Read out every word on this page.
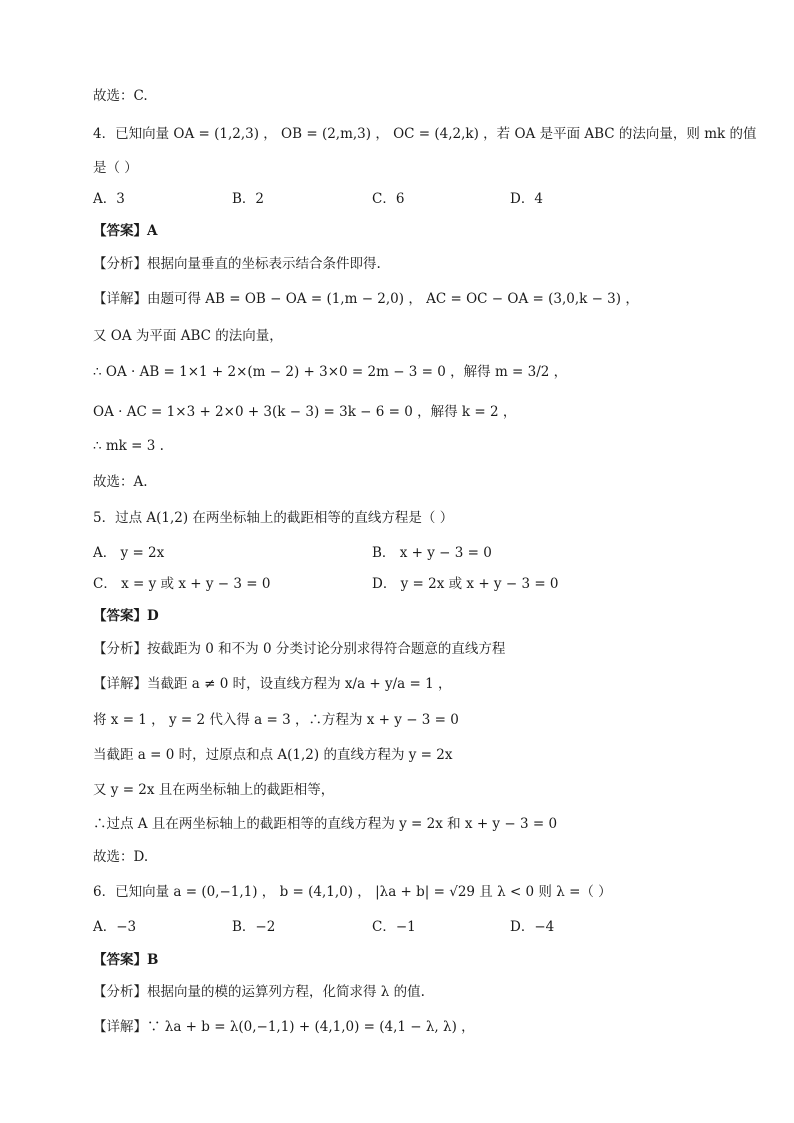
故选：C.
4．已知向量 OA = (1,2,3) ， OB = (2,m,3) ， OC = (4,2,k) ，若 OA 是平面 ABC 的法向量，则 mk 的值
是（ ）
A．3	B．2	C．6	D．4
【答案】A
【分析】根据向量垂直的坐标表示结合条件即得.
【详解】由题可得 AB = OB − OA = (1,m − 2,0) ， AC = OC − OA = (3,0,k − 3) ，
又 OA 为平面 ABC 的法向量，
∴ OA · AB = 1×1 + 2×(m − 2) + 3×0 = 2m − 3 = 0 ，解得 m = 3/2 ，
OA · AC = 1×3 + 2×0 + 3(k − 3) = 3k − 6 = 0 ，解得 k = 2 ，
∴ mk = 3 .
故选：A.
5．过点 A(1,2) 在两坐标轴上的截距相等的直线方程是（ ）
A． y = 2x	B． x + y − 3 = 0
C． x = y 或 x + y − 3 = 0	D． y = 2x 或 x + y − 3 = 0
【答案】D
【分析】按截距为 0 和不为 0 分类讨论分别求得符合题意的直线方程
【详解】当截距 a ≠ 0 时，设直线方程为 x/a + y/a = 1 ，
将 x = 1 ， y = 2 代入得 a = 3 ，∴方程为 x + y − 3 = 0
当截距 a = 0 时，过原点和点 A(1,2) 的直线方程为 y = 2x
又 y = 2x 且在两坐标轴上的截距相等，
∴过点 A 且在两坐标轴上的截距相等的直线方程为 y = 2x 和 x + y − 3 = 0
故选：D.
6．已知向量 a = (0,−1,1) ， b = (4,1,0) ， |λa + b| = √29 且 λ < 0 则 λ =（ ）
A．−3	B．−2	C．−1	D．−4
【答案】B
【分析】根据向量的模的运算列方程，化简求得 λ 的值.
【详解】∵ λa + b = λ(0,−1,1) + (4,1,0) = (4,1 − λ, λ) ，
